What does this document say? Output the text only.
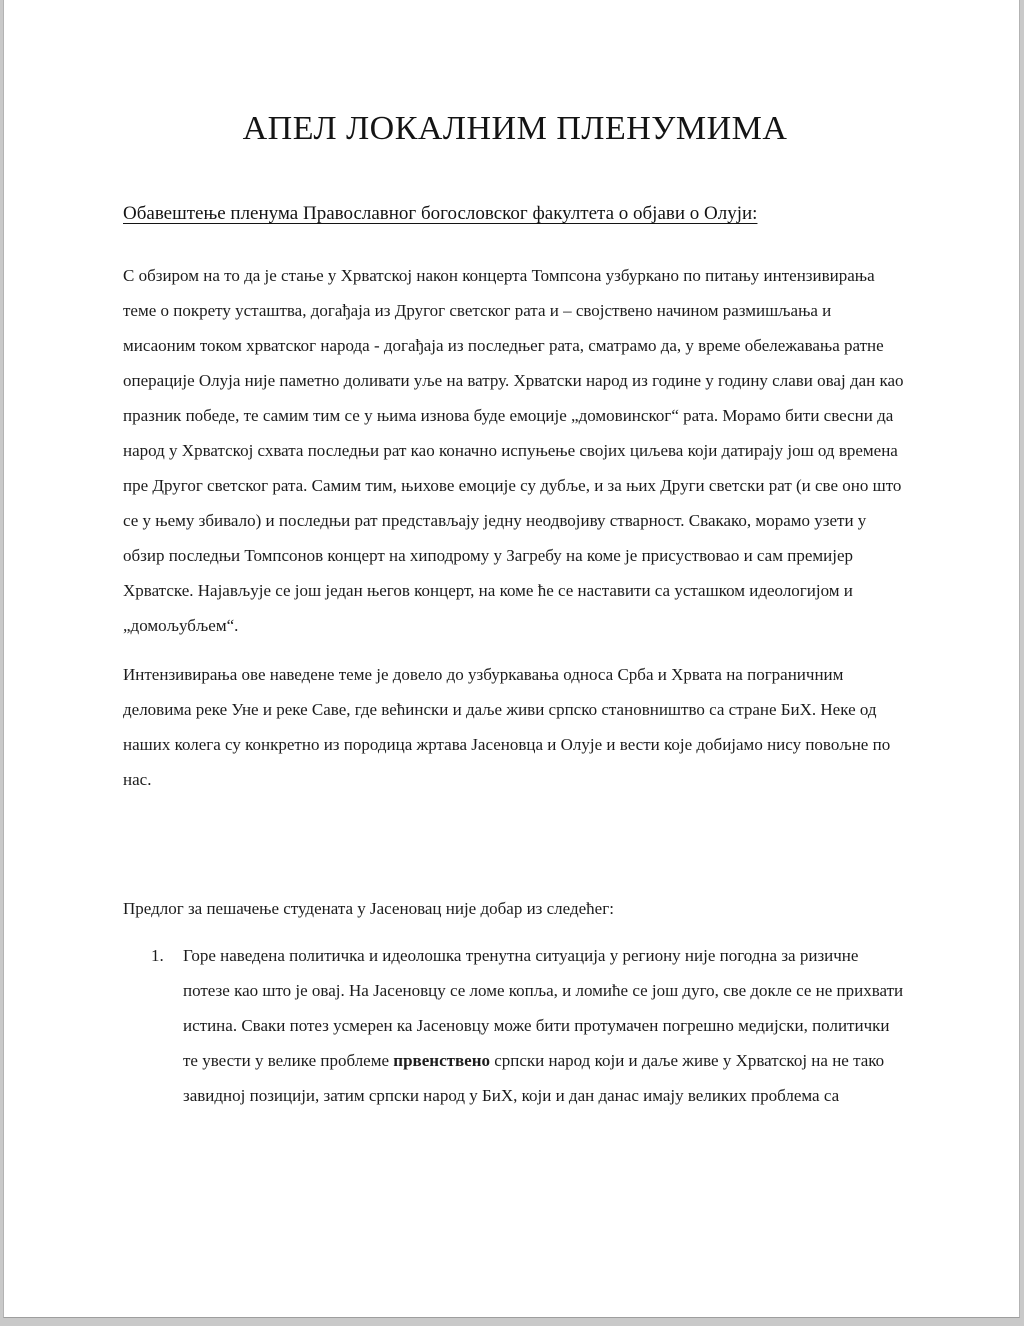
АПЕЛ ЛОКАЛНИМ ПЛЕНУМИМА
Обавештење пленума Православног богословског факултета о објави о Олуји:

С обзиром на то да је стање у Хрватској након концерта Томпсона узбуркано по питању интензивирања теме о покрету усташтва, догађаја из Другог светског рата и – својствено начином размишљања и мисаоним током хрватског народа - догађаја из последњег рата, сматрамо да, у време обележавања ратне операције Олуја није паметно доливати уље на ватру. Хрватски народ из године у годину слави овај дан као празник победе, те самим тим се у њима изнова буде емоције „домовинског“ рата. Морамо бити свесни да народ у Хрватској схвата последњи рат као коначно испуњење својих циљева који датирају још од времена пре Другог светског рата. Самим тим, њихове емоције су дубље, и за њих Други светски рат (и све оно што се у њему збивало) и последњи рат представљају једну неодвојиву стварност. Свакако, морамо узети у обзир последњи Томпсонов концерт на хиподрому у Загребу на коме је присуствовао и сам премијер Хрватске. Најављује се још један његов концерт, на коме ће се наставити са усташком идеологијом и „домољубљем“.

Интензивирања ове наведене теме је довело до узбуркавања односа Срба и Хрвата на пограничним деловима реке Уне и реке Саве, где већински и даље живи српско становништво са стране БиХ. Неке од наших колега су конкретно из породица жртава Јасеновца и Олује и вести које добијамо нису повољне по нас.

Предлог за пешачење студената у Јасеновац није добар из следећег:

1. Горе наведена политичка и идеолошка тренутна ситуација у региону није погодна за ризичне потезе као што је овај. На Јасеновцу се ломе копља, и ломиће се још дуго, све докле се не прихвати истина. Сваки потез усмерен ка Јасеновцу може бити протумачен погрешно медијски, политички те увести у велике проблеме првенствено српски народ који и даље живе у Хрватској на не тако завидној позицији, затим српски народ у БиХ, који и дан данас имају великих проблема са
